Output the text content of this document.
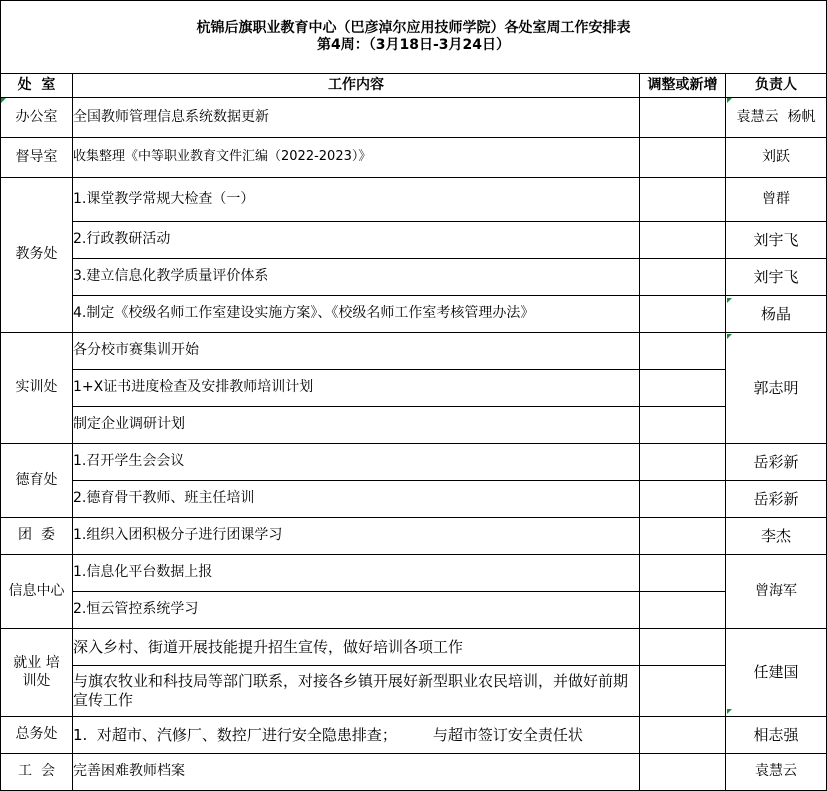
杭锦后旗职业教育中心（巴彦淖尔应用技师学院）各处室周工作安排表
第4周：（3月18日-3月24日）			

处  室	工作内容	调整或新增	负责人
办公室	全国教师管理信息系统数据更新		袁慧云  杨帆
督导室	收集整理《中等职业教育文件汇编（2022-2023）》		刘跃
教务处	1.课堂教学常规大检查（一）		曾群
	2.行政教研活动		刘宇飞
	3.建立信息化教学质量评价体系		刘宇飞
	4.制定《校级名师工作室建设实施方案》、《校级名师工作室考核管理办法》		杨晶
实训处	各分校市赛集训开始		郭志明
	1+X证书进度检查及安排教师培训计划		
	制定企业调研计划		
德育处	1.召开学生会会议		岳彩新
	2.德育骨干教师、班主任培训		岳彩新
团  委	1.组织入团积极分子进行团课学习		李杰
信息中心	1.信息化平台数据上报		曾海军
	2.恒云管控系统学习		

就业 培
训处	深入乡村、街道开展技能提升招生宣传，做好培训各项工作		任建国
	与旗农牧业和科技局等部门联系，对接各乡镇开展好新型职业农民培训，并做好前期宣传工作		
总务处	1.  对超市、汽修厂、数控厂进行安全隐患排查； 与超市签订安全责任状		相志强
工  会	完善困难教师档案		袁慧云
